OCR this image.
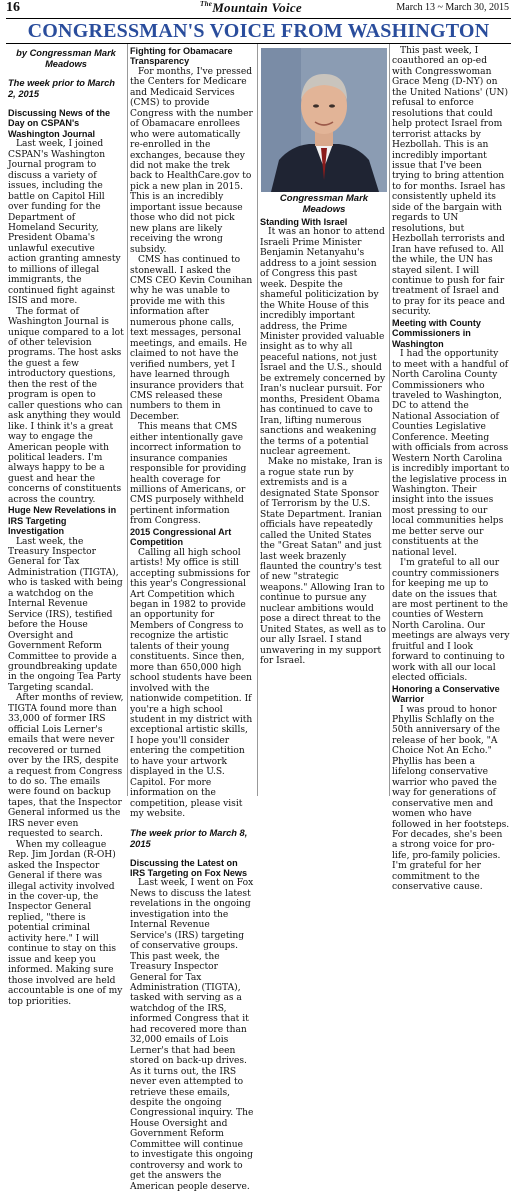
16	$^{The}$Mountain Voice	March 13 ~ March 30, 2015
CONGRESSMAN'S VOICE FROM WASHINGTON
by Congressman Mark Meadows
The week prior to March 2, 2015
Discussing News of the Day on CSPAN's Washington Journal

Last week, I joined CSPAN's Washington Journal program to discuss a variety of issues, including the battle on Capitol Hill over funding for the Department of Homeland Security, President Obama's unlawful executive action granting amnesty to millions of illegal immigrants, the continued fight against ISIS and more.

The format of Washington Journal is unique compared to a lot of other television programs. The host asks the guest a few introductory questions, then the rest of the program is open to caller questions who can ask anything they would like. I think it's a great way to engage the American people with political leaders. I'm always happy to be a guest and hear the concerns of constituents across the country.

Huge New Revelations in IRS Targeting Investigation

Last week, the Treasury Inspector General for Tax Administration (TIGTA), who is tasked with being a watchdog on the Internal Revenue Service (IRS), testified before the House Oversight and Government Reform Committee to provide a groundbreaking update in the ongoing Tea Party Targeting scandal.

After months of review, TIGTA found more than 33,000 of former IRS official Lois Lerner's emails that were never recovered or turned over by the IRS, despite a request from Congress to do so. The emails were found on backup tapes, that the Inspector General informed us the IRS never even requested to search.

When my colleague Rep. Jim Jordan (R-OH) asked the Inspector General if there was illegal activity involved in the cover-up, the Inspector General replied, "there is potential criminal activity here." I will continue to stay on this issue and keep you informed. Making sure those involved are held accountable is one of my top priorities.

Fighting for Obamacare Transparency

For months, I've pressed the Centers for Medicare and Medicaid Services (CMS) to provide Congress with the number of Obamacare enrollees who were automatically re-enrolled in the exchanges, because they did not make the trek back to HealthCare.gov to pick a new plan in 2015. This is an incredibly important issue because those who did not pick new plans are likely receiving the wrong subsidy.

CMS has continued to stonewall. I asked the CMS CEO Kevin Counihan why he was unable to provide me with this information after numerous phone calls, text messages, personal meetings, and emails. He claimed to not have the verified numbers, yet I have learned through insurance providers that CMS released these numbers to them in December.

This means that CMS either intentionally gave incorrect information to insurance companies responsible for providing health coverage for millions of Americans, or CMS purposely withheld pertinent information from Congress.

2015 Congressional Art Competition

Calling all high school artists! My office is still accepting submissions for this year's Congressional Art Competition which began in 1982 to provide an opportunity for Members of Congress to recognize the artistic talents of their young constituents. Since then, more than 650,000 high school students have been involved with the nationwide competition. If you're a high school student in my district with exceptional artistic skills, I hope you'll consider entering the competition to have your artwork displayed in the U.S. Capitol. For more information on the competition, please visit my website.

The week prior to March 8, 2015
Discussing the Latest on IRS Targeting on Fox News

Last week, I went on Fox News to discuss the latest revelations in the ongoing investigation into the Internal Revenue Service's (IRS) targeting of conservative groups. This past week, the Treasury Inspector General for Tax Administration (TIGTA), tasked with serving as a watchdog of the IRS, informed Congress that it had recovered more than 32,000 emails of Lois Lerner's that had been stored on back-up drives. As it turns out, the IRS never even attempted to retrieve these emails, despite the ongoing Congressional inquiry. The House Oversight and Government Reform Committee will continue to investigate this ongoing controversy and work to get the answers the American people deserve.

Congressman Mark Meadows
Standing With Israel

It was an honor to attend Israeli Prime Minister Benjamin Netanyahu's address to a joint session of Congress this past week. Despite the shameful politicization by the White House of this incredibly important address, the Prime Minister provided valuable insight as to why all peaceful nations, not just Israel and the U.S., should be extremely concerned by Iran's nuclear pursuit. For months, President Obama has continued to cave to Iran, lifting numerous sanctions and weakening the terms of a potential nuclear agreement.

Make no mistake, Iran is a rogue state run by extremists and is a designated State Sponsor of Terrorism by the U.S. State Department. Iranian officials have repeatedly called the United States the "Great Satan" and just last week brazenly flaunted the country's test of new "strategic weapons." Allowing Iran to continue to pursue any nuclear ambitions would pose a direct threat to the United States, as well as to our ally Israel. I stand unwavering in my support for Israel.

This past week, I coauthored an op-ed with Congresswoman Grace Meng (D-NY) on the United Nations' (UN) refusal to enforce resolutions that could help protect Israel from terrorist attacks by Hezbollah. This is an incredibly important issue that I've been trying to bring attention to for months. Israel has consistently upheld its side of the bargain with regards to UN resolutions, but Hezbollah terrorists and Iran have refused to. All the while, the UN has stayed silent. I will continue to push for fair treatment of Israel and to pray for its peace and security.

Meeting with County Commissioners in Washington

I had the opportunity to meet with a handful of North Carolina County Commissioners who traveled to Washington, DC to attend the National Association of Counties Legislative Conference. Meeting with officials from across Western North Carolina is incredibly important to the legislative process in Washington. Their insight into the issues most pressing to our local communities helps me better serve our constituents at the national level.

I'm grateful to all our country commissioners for keeping me up to date on the issues that are most pertinent to the counties of Western North Carolina. Our meetings are always very fruitful and I look forward to continuing to work with all our local elected officials.

Honoring a Conservative Warrior

I was proud to honor Phyllis Schlafly on the 50th anniversary of the release of her book, "A Choice Not An Echo." Phyllis has been a lifelong conservative warrior who paved the way for generations of conservative men and women who have followed in her footsteps. For decades, she's been a strong voice for pro-life, pro-family policies. I'm grateful for her commitment to the conservative cause.
